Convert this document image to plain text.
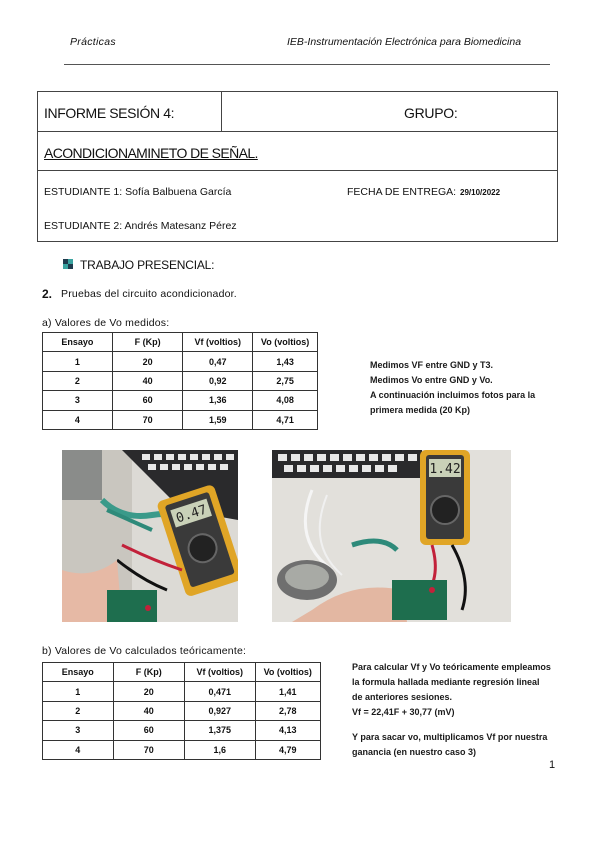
Prácticas	IEB-Instrumentación Electrónica para Biomedicina
INFORME SESIÓN 4:	GRUPO:
ACONDICIONAMINETO DE SEÑAL.
ESTUDIANTE 1: Sofía Balbuena García	FECHA DE ENTREGA: 29/10/2022
ESTUDIANTE 2: Andrés Matesanz Pérez
TRABAJO PRESENCIAL:
2. Pruebas del circuito acondicionador.
a) Valores de Vo medidos:
Ensayo	F (Kp)	Vf (voltios)	Vo (voltios)
1	20	0,47	1,43
2	40	0,92	2,75
3	60	1,36	4,08
4	70	1,59	4,71
Medimos VF entre GND y T3.
Medimos Vo entre GND y Vo.
A continuación incluimos fotos para la primera medida (20 Kp)
0.47
1.42
b) Valores de Vo calculados teóricamente:
Ensayo	F (Kp)	Vf (voltios)	Vo (voltios)
1	20	0,471	1,41
2	40	0,927	2,78
3	60	1,375	4,13
4	70	1,6	4,79

Para calcular Vf y Vo teóricamente empleamos la formula hallada mediante regresión lineal de anteriores sesiones.

Vf = 22,41F + 30,77 (mV)

Y para sacar vo, multiplicamos Vf por nuestra ganancia (en nuestro caso 3)

1
